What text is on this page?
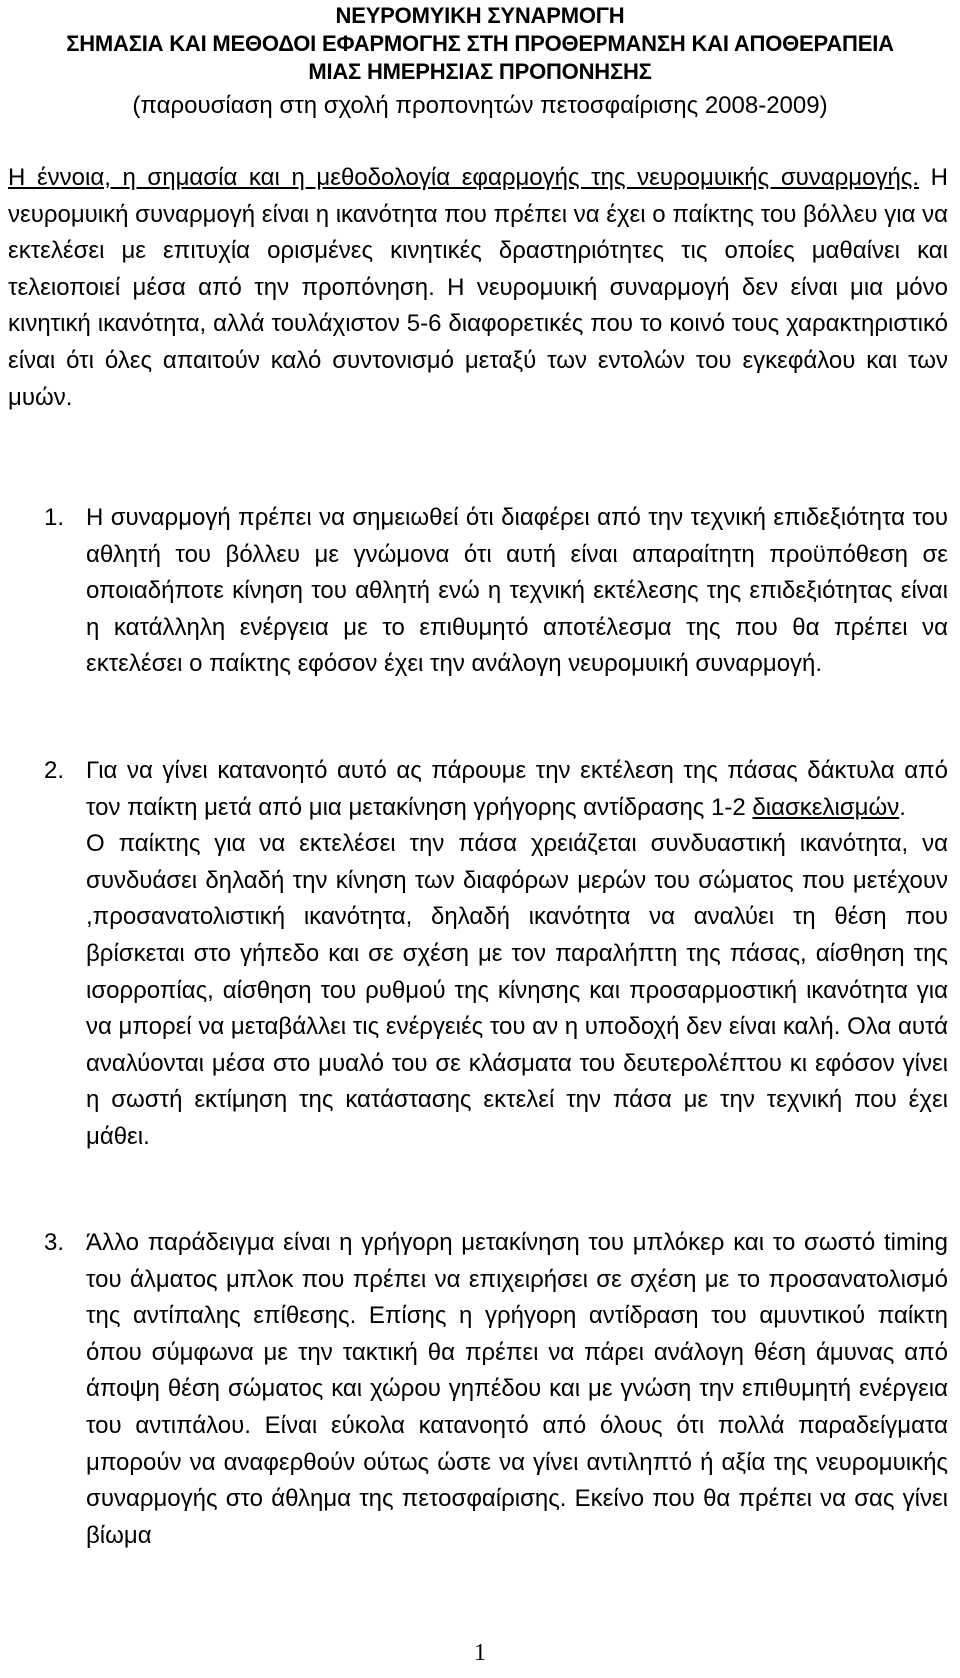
ΝΕΥΡΟΜΥΙΚΗ ΣΥΝΑΡΜΟΓΗ
ΣΗΜΑΣΙΑ ΚΑΙ ΜΕΘΟΔΟΙ ΕΦΑΡΜΟΓΗΣ ΣΤΗ ΠΡΟΘΕΡΜΑΝΣΗ ΚΑΙ ΑΠΟΘΕΡΑΠΕΙΑ
ΜΙΑΣ ΗΜΕΡΗΣΙΑΣ ΠΡΟΠΟΝΗΣΗΣ
(παρουσίαση στη σχολή προπονητών πετοσφαίρισης 2008-2009)
Η έννοια, η σημασία και η μεθοδολογία εφαρμογής της νευρομυικής συναρμογής. Η νευρομυική συναρμογή είναι η ικανότητα που πρέπει να έχει ο παίκτης του βόλλευ για να εκτελέσει με επιτυχία ορισμένες κινητικές δραστηριότητες τις οποίες μαθαίνει και τελειοποιεί μέσα από την προπόνηση. Η νευρομυική συναρμογή δεν είναι μια μόνο κινητική ικανότητα, αλλά τουλάχιστον 5-6 διαφορετικές που το κοινό τους χαρακτηριστικό είναι ότι όλες απαιτούν καλό συντονισμό μεταξύ των εντολών του εγκεφάλου και των μυών.
1. Η συναρμογή πρέπει να σημειωθεί ότι διαφέρει από την τεχνική επιδεξιότητα του αθλητή του βόλλευ με γνώμονα ότι αυτή είναι απαραίτητη προϋπόθεση σε οποιαδήποτε κίνηση του αθλητή ενώ η τεχνική εκτέλεσης της επιδεξιότητας είναι η κατάλληλη ενέργεια με το επιθυμητό αποτέλεσμα της που θα πρέπει να εκτελέσει ο παίκτης εφόσον έχει την ανάλογη νευρομυική συναρμογή.
2. Για να γίνει κατανοητό αυτό ας πάρουμε την εκτέλεση της πάσας δάκτυλα από τον παίκτη μετά από μια μετακίνηση γρήγορης αντίδρασης 1-2 διασκελισμών.
Ο παίκτης για να εκτελέσει την πάσα χρειάζεται συνδυαστική ικανότητα, να συνδυάσει δηλαδή την κίνηση των διαφόρων μερών του σώματος που μετέχουν ,προσανατολιστική ικανότητα, δηλαδή ικανότητα να αναλύει τη θέση που βρίσκεται στο γήπεδο και σε σχέση με τον παραλήπτη της πάσας, αίσθηση της ισορροπίας, αίσθηση του ρυθμού της κίνησης και προσαρμοστική ικανότητα για να μπορεί να μεταβάλλει τις ενέργειές του αν η υποδοχή δεν είναι καλή. Ολα αυτά αναλύονται μέσα στο μυαλό του σε κλάσματα του δευτερολέπτου κι εφόσον γίνει η σωστή εκτίμηση της κατάστασης εκτελεί την πάσα με την τεχνική που έχει μάθει.
3. Άλλο παράδειγμα είναι η γρήγορη μετακίνηση του μπλόκερ και το σωστό timing του άλματος μπλοκ που πρέπει να επιχειρήσει σε σχέση με το προσανατολισμό της αντίπαλης επίθεσης. Επίσης η γρήγορη αντίδραση του αμυντικού παίκτη όπου σύμφωνα με την τακτική θα πρέπει να πάρει ανάλογη θέση άμυνας από άποψη θέση σώματος και χώρου γηπέδου και με γνώση την επιθυμητή ενέργεια του αντιπάλου. Είναι εύκολα κατανοητό από όλους ότι πολλά παραδείγματα μπορούν να αναφερθούν ούτως ώστε να γίνει αντιληπτό ή αξία της νευρομυικής συναρμογής στο άθλημα της πετοσφαίρισης. Εκείνο που θα πρέπει να σας γίνει βίωμα
1
